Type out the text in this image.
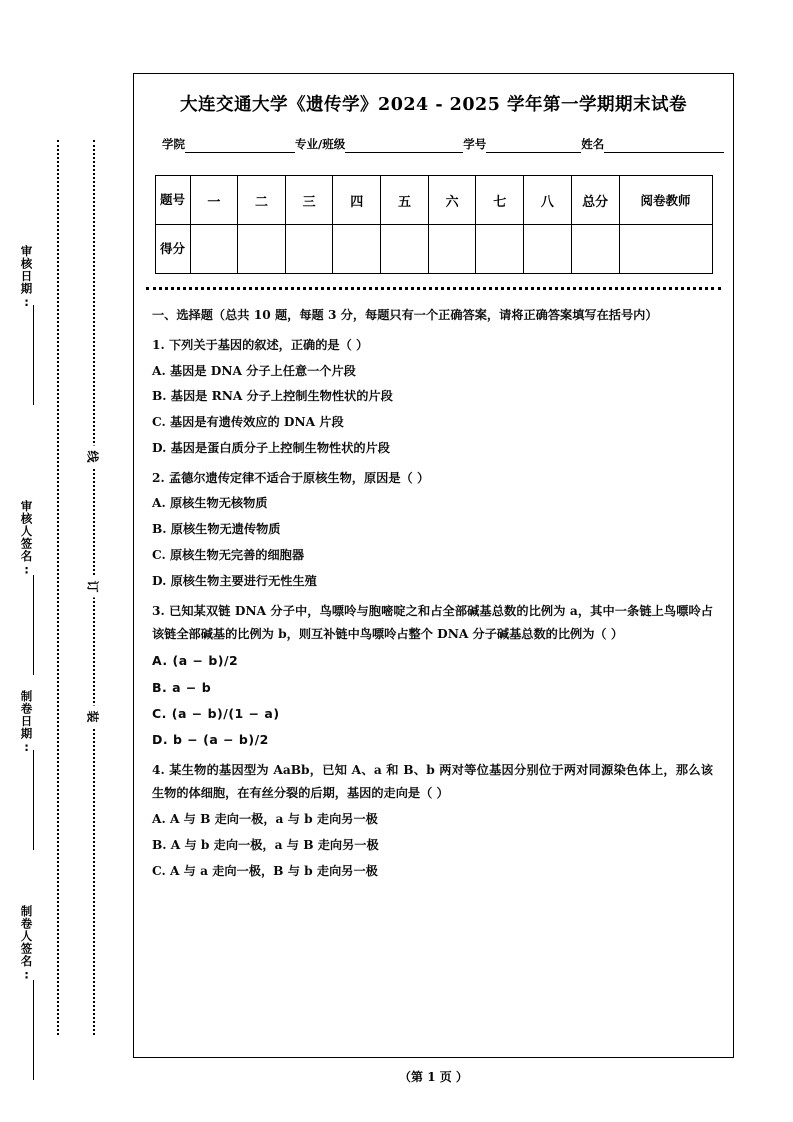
审核日期:
审核人签名:
制卷日期:
制卷人签名:
线
订
装
大连交通大学《遗传学》2024 - 2025 学年第一学期期末试卷
学院	专业/班级	学号	姓名
题号	一	二	三	四	五	六	七	八	总分	阅卷教师
得分										
一、选择题（总共 10 题，每题 3 分，每题只有一个正确答案，请将正确答案填写在括号内）
1. 下列关于基因的叙述，正确的是（ ）
A. 基因是 DNA 分子上任意一个片段
B. 基因是 RNA 分子上控制生物性状的片段
C. 基因是有遗传效应的 DNA 片段
D. 基因是蛋白质分子上控制生物性状的片段
2. 孟德尔遗传定律不适合于原核生物，原因是（ ）
A. 原核生物无核物质
B. 原核生物无遗传物质
C. 原核生物无完善的细胞器
D. 原核生物主要进行无性生殖
3. 已知某双链 DNA 分子中，鸟嘌呤与胞嘧啶之和占全部碱基总数的比例为 a，其中一条链上鸟嘌呤占该链全部碱基的比例为 b，则互补链中鸟嘌呤占整个 DNA 分子碱基总数的比例为（ ）
A. (a − b)/2
B. a − b
C. (a − b)/(1 − a)
D. b − (a − b)/2
4. 某生物的基因型为 AaBb，已知 A、a 和 B、b 两对等位基因分别位于两对同源染色体上，那么该生物的体细胞，在有丝分裂的后期，基因的走向是（ ）
A. A 与 B 走向一极，a 与 b 走向另一极
B. A 与 b 走向一极，a 与 B 走向另一极
C. A 与 a 走向一极，B 与 b 走向另一极
（第 1 页 ）
